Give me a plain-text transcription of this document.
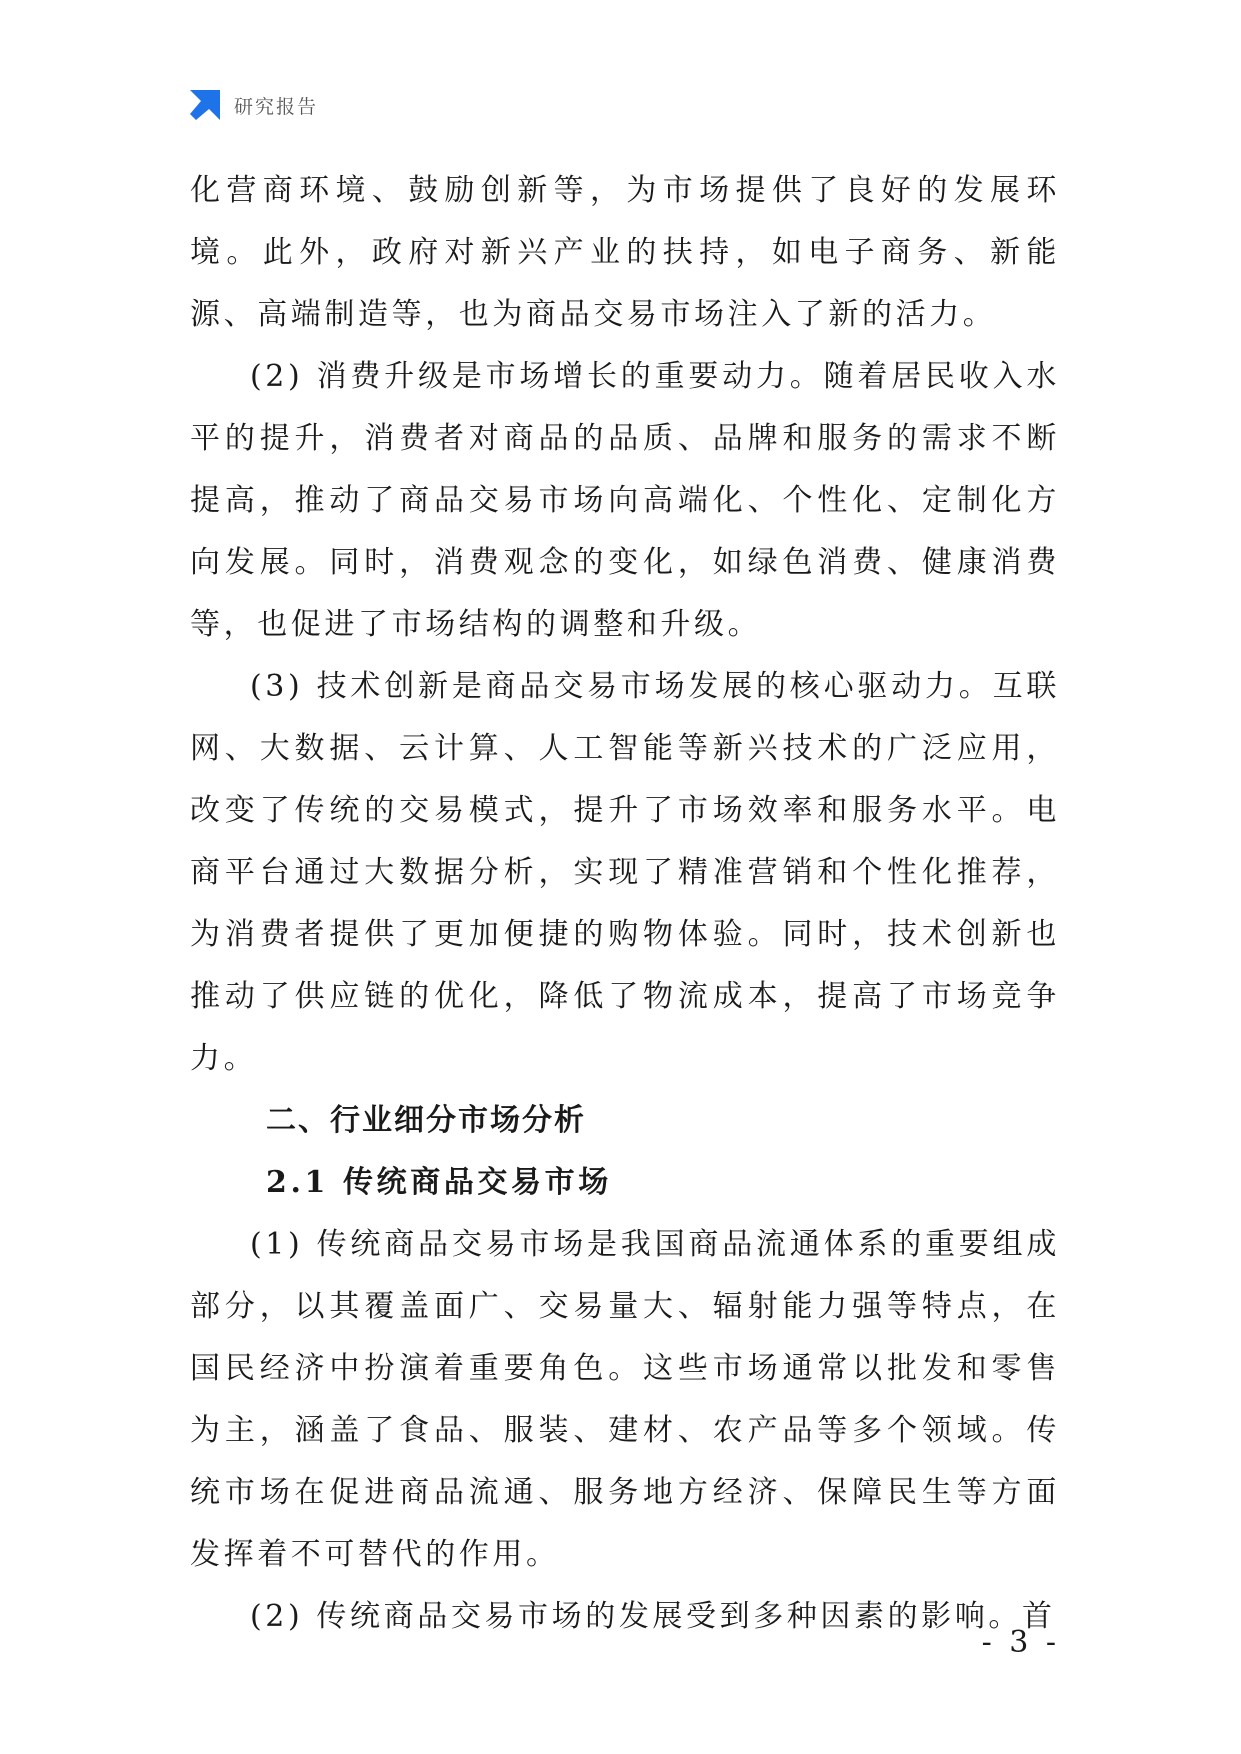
研究报告

化营商环境、鼓励创新等，为市场提供了良好的发展环境。此外，政府对新兴产业的扶持，如电子商务、新能源、高端制造等，也为商品交易市场注入了新的活力。

(2) 消费升级是市场增长的重要动力。随着居民收入水平的提升，消费者对商品的品质、品牌和服务的需求不断提高，推动了商品交易市场向高端化、个性化、定制化方向发展。同时，消费观念的变化，如绿色消费、健康消费等，也促进了市场结构的调整和升级。

(3) 技术创新是商品交易市场发展的核心驱动力。互联网、大数据、云计算、人工智能等新兴技术的广泛应用，改变了传统的交易模式，提升了市场效率和服务水平。电商平台通过大数据分析，实现了精准营销和个性化推荐，为消费者提供了更加便捷的购物体验。同时，技术创新也推动了供应链的优化，降低了物流成本，提高了市场竞争力。

二、行业细分市场分析
2.1 传统商品交易市场

(1) 传统商品交易市场是我国商品流通体系的重要组成部分，以其覆盖面广、交易量大、辐射能力强等特点，在国民经济中扮演着重要角色。这些市场通常以批发和零售为主，涵盖了食品、服装、建材、农产品等多个领域。传统市场在促进商品流通、服务地方经济、保障民生等方面发挥着不可替代的作用。

(2) 传统商品交易市场的发展受到多种因素的影响。首

- 3 -
